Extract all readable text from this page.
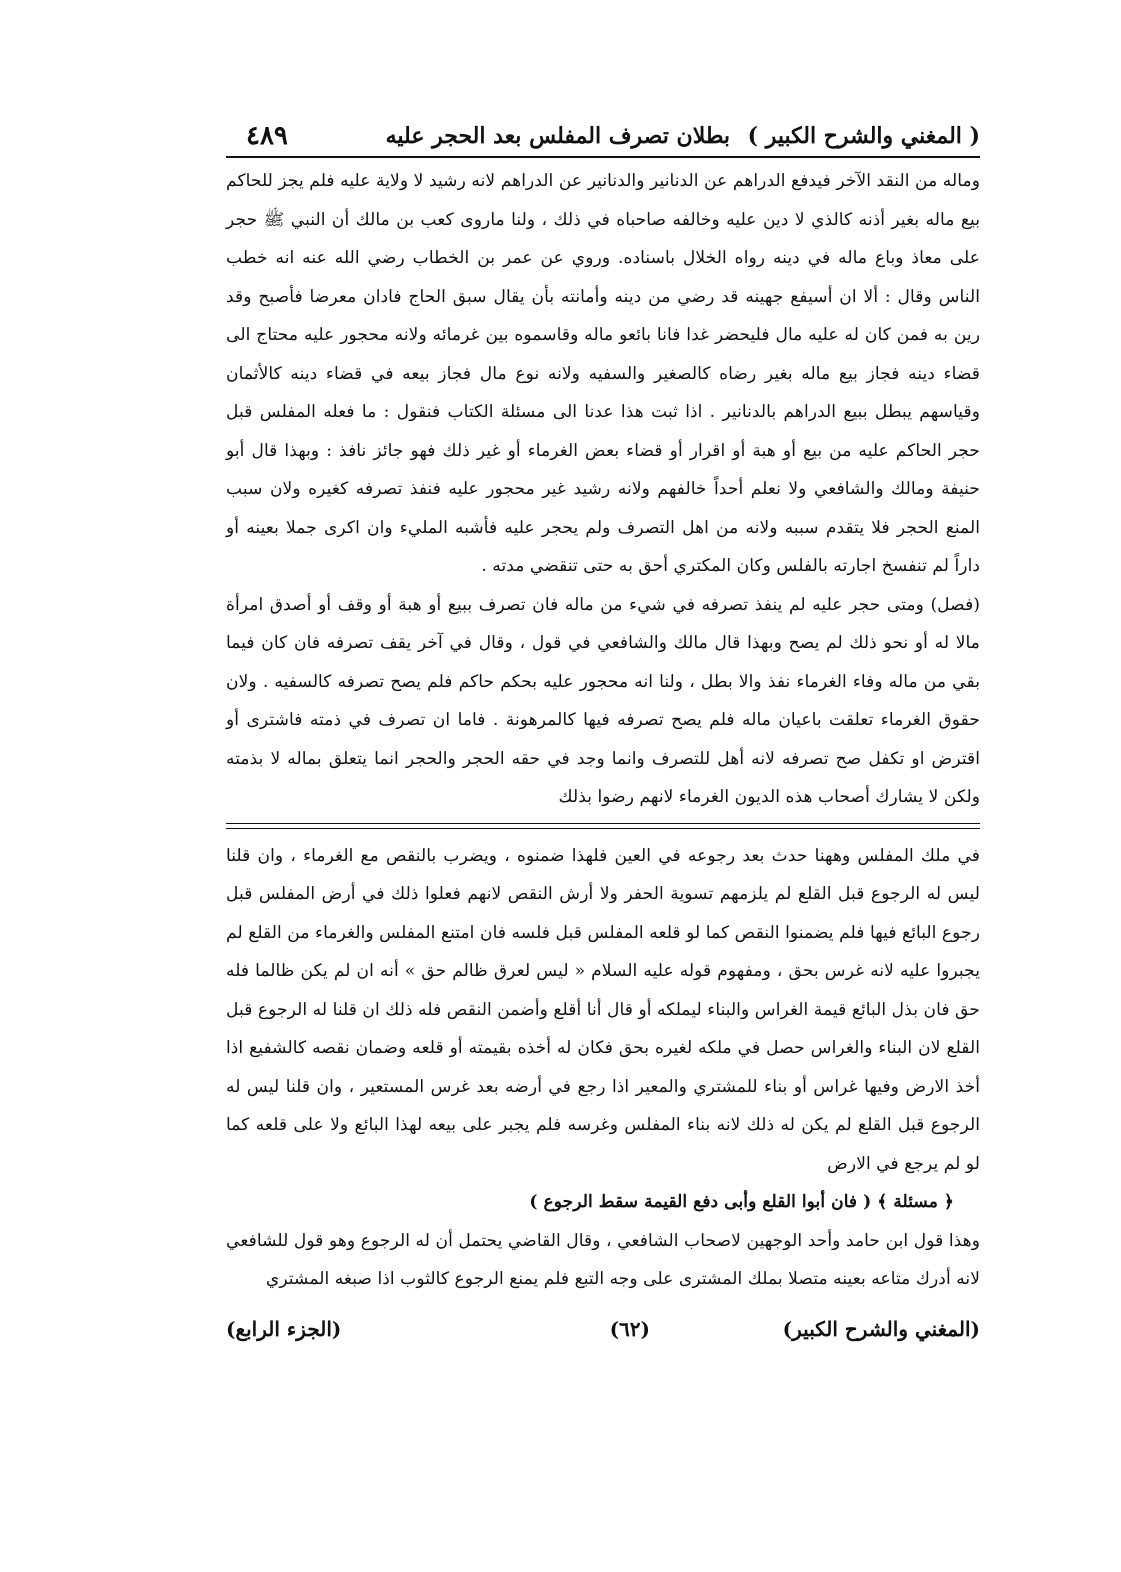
( المغني والشرح الكبير )
بطلان تصرف المفلس بعد الحجر عليه
٤٨٩

وماله من النقد الآخر فيدفع الدراهم عن الدنانير والدنانير عن الدراهم لانه رشيد لا ولاية عليه فلم يجز للحاكم بيع ماله بغير أذنه كالذي لا دين عليه وخالفه صاحباه في ذلك ، ولنا ماروى كعب بن مالك أن النبي ﷺ حجر على معاذ وباع ماله في دينه رواه الخلال باسناده. وروي عن عمر بن الخطاب رضي الله عنه انه خطب الناس وقال : ألا ان أسيفع جهينه قد رضي من دينه وأمانته بأن يقال سبق الحاج فادان معرضا فأصبح وقد رين به فمن كان له عليه مال فليحضر غدا فانا بائعو ماله وقاسموه بين غرمائه ولانه محجور عليه محتاج الى قضاء دينه فجاز بيع ماله بغير رضاه كالصغير والسفيه ولانه نوع مال فجاز بيعه في قضاء دينه كالأثمان وقياسهم يبطل ببيع الدراهم بالدنانير . اذا ثبت هذا عدنا الى مسئلة الكتاب فنقول : ما فعله المفلس قبل حجر الحاكم عليه من بيع أو هبة أو اقرار أو قضاء بعض الغرماء أو غير ذلك فهو جائز نافذ : وبهذا قال أبو حنيفة ومالك والشافعي ولا نعلم أحداً خالفهم ولانه رشيد غير محجور عليه فنفذ تصرفه كغيره ولان سبب المنع الحجر فلا يتقدم سببه ولانه من اهل التصرف ولم يحجر عليه فأشبه المليء وان اكرى جملا بعينه أو داراً لم تنفسخ اجارته بالفلس وكان المكتري أحق به حتى تنقضي مدته .

(فصل) ومتى حجر عليه لم ينفذ تصرفه في شيء من ماله فان تصرف ببيع أو هبة أو وقف أو أصدق امرأة مالا له أو نحو ذلك لم يصح وبهذا قال مالك والشافعي في قول ، وقال في آخر يقف تصرفه فان كان فيما بقي من ماله وفاء الغرماء نفذ والا بطل ، ولنا انه محجور عليه بحكم حاكم فلم يصح تصرفه كالسفيه . ولان حقوق الغرماء تعلقت باعيان ماله فلم يصح تصرفه فيها كالمرهونة . فاما ان تصرف في ذمته فاشترى أو اقترض او تكفل صح تصرفه لانه أهل للتصرف وانما وجد في حقه الحجر والحجر انما يتعلق بماله لا بذمته ولكن لا يشارك أصحاب هذه الديون الغرماء لانهم رضوا بذلك

في ملك المفلس وههنا حدث بعد رجوعه في العين فلهذا ضمنوه ، ويضرب بالنقص مع الغرماء ، وان قلنا ليس له الرجوع قبل القلع لم يلزمهم تسوية الحفر ولا أرش النقص لانهم فعلوا ذلك في أرض المفلس قبل رجوع البائع فيها فلم يضمنوا النقص كما لو قلعه المفلس قبل فلسه فان امتنع المفلس والغرماء من القلع لم يجبروا عليه لانه غرس بحق ، ومفهوم قوله عليه السلام « ليس لعرق ظالم حق » أنه ان لم يكن ظالما فله حق فان بذل البائع قيمة الغراس والبناء ليملكه أو قال أنا أقلع وأضمن النقص فله ذلك ان قلنا له الرجوع قبل القلع لان البناء والغراس حصل في ملكه لغيره بحق فكان له أخذه بقيمته أو قلعه وضمان نقصه كالشفيع اذا أخذ الارض وفيها غراس أو بناء للمشتري والمعير اذا رجع في أرضه بعد غرس المستعير ، وان قلنا ليس له الرجوع قبل القلع لم يكن له ذلك لانه بناء المفلس وغرسه فلم يجبر على بيعه لهذا البائع ولا على قلعه كما لو لم يرجع في الارض

﴿ مسئلة ﴾ ( فان أبوا القلع وأبى دفع القيمة سقط الرجوع )

وهذا قول ابن حامد وأحد الوجهين لاصحاب الشافعي ، وقال القاضي يحتمل أن له الرجوع وهو قول للشافعي لانه أدرك متاعه بعينه متصلا بملك المشترى على وجه التبع فلم يمنع الرجوع كالثوب اذا صبغه المشتري

(المغني والشرح الكبير)
(٦٢)
(الجزء الرابع)
